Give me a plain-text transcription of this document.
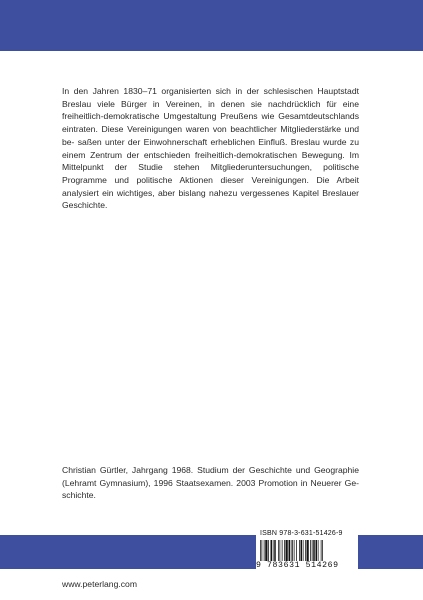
In den Jahren 1830–71 organisierten sich in der schlesischen Hauptstadt Breslau viele Bürger in Vereinen, in denen sie nachdrücklich für eine freiheitlich-demokratische Umgestaltung Preußens wie Gesamtdeutschlands eintraten. Diese Vereinigungen waren von beachtlicher Mitgliederstärke und be- saßen unter der Einwohnerschaft erheblichen Einfluß. Breslau wurde zu einem Zentrum der entschieden freiheitlich-demokratischen Bewegung. Im Mittelpunkt der Studie stehen Mitgliederuntersuchungen, politische Programme und politische Aktionen dieser Vereinigungen. Die Arbeit analysiert ein wichtiges, aber bislang nahezu vergessenes Kapitel Breslauer Geschichte.

Christian Gürtler, Jahrgang 1968. Studium der Geschichte und Geographie (Lehramt Gymnasium), 1996 Staatsexamen. 2003 Promotion in Neuerer Ge- schichte.

ISBN 978-3-631-51426-9
9 783631 514269
www.peterlang.com
